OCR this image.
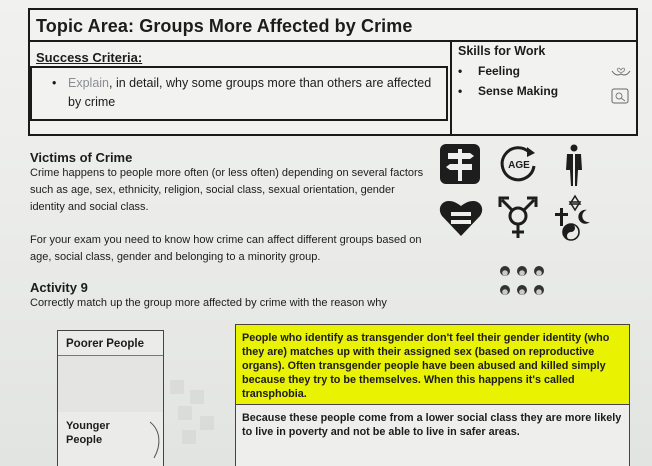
Topic Area: Groups More Affected by Crime
Success Criteria:
• Explain, in detail, why some groups more than others are affected by crime
Skills for Work
• Feeling
• Sense Making
Victims of Crime
Crime happens to people more often (or less often) depending on several factors such as age, sex, ethnicity, religion, social class, sexual orientation, gender identity and social class.
For your exam you need to know how crime can affect different groups based on age, social class, gender and belonging to a minority group.
Activity 9
Correctly match up the group more affected by crime with the reason why
AGE
Poorer People
Younger People

People who identify as transgender don't feel their gender identity (who they are) matches up with their assigned sex (based on reproductive organs). Often transgender people have been abused and killed simply because they try to be themselves. When this happens it's called transphobia.

Because these people come from a lower social class they are more likely to live in poverty and not be able to live in safer areas.
